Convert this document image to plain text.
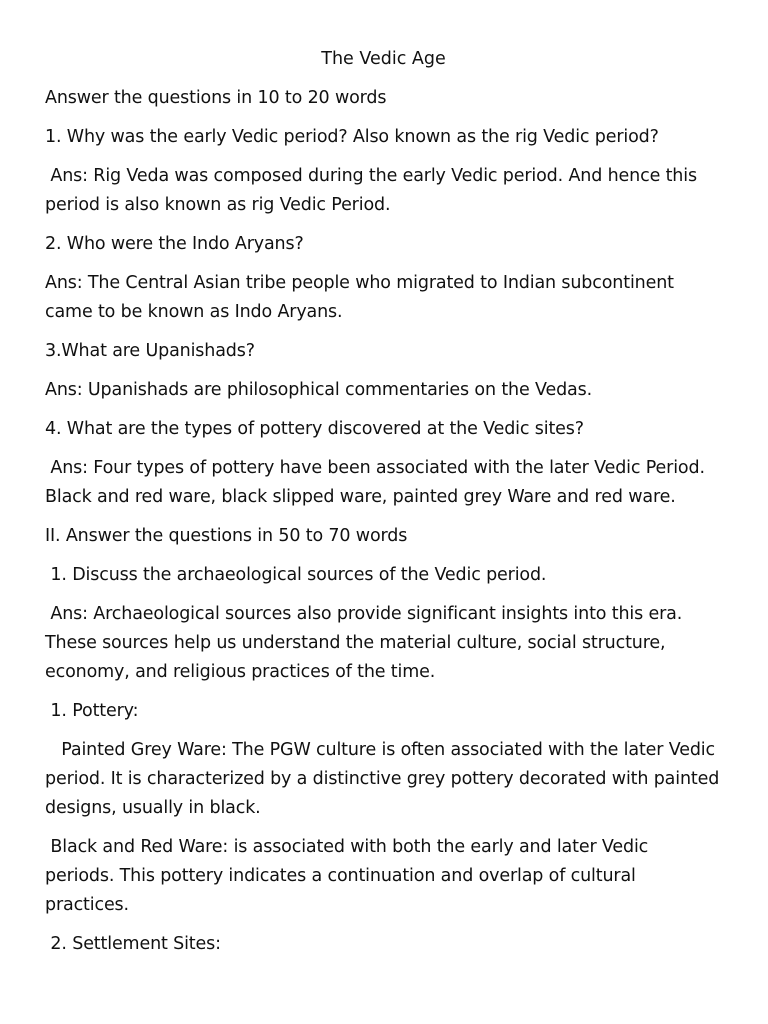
The Vedic Age

Answer the questions in 10 to 20 words

1. Why was the early Vedic period? Also known as the rig Vedic period?

Ans: Rig Veda was composed during the early Vedic period. And hence this period is also known as rig Vedic Period.

2. Who were the Indo Aryans?

Ans: The Central Asian tribe people who migrated to Indian subcontinent came to be known as Indo Aryans.

3.What are Upanishads?

Ans: Upanishads are philosophical commentaries on the Vedas.

4. What are the types of pottery discovered at the Vedic sites?

Ans: Four types of pottery have been associated with the later Vedic Period. Black and red ware, black slipped ware, painted grey Ware and red ware.

II. Answer the questions in 50 to 70 words

1. Discuss the archaeological sources of the Vedic period.

Ans: Archaeological sources also provide significant insights into this era. These sources help us understand the material culture, social structure, economy, and religious practices of the time.

1. Pottery:

Painted Grey Ware: The PGW culture is often associated with the later Vedic period. It is characterized by a distinctive grey pottery decorated with painted designs, usually in black.

Black and Red Ware: is associated with both the early and later Vedic periods. This pottery indicates a continuation and overlap of cultural practices.

2. Settlement Sites:
